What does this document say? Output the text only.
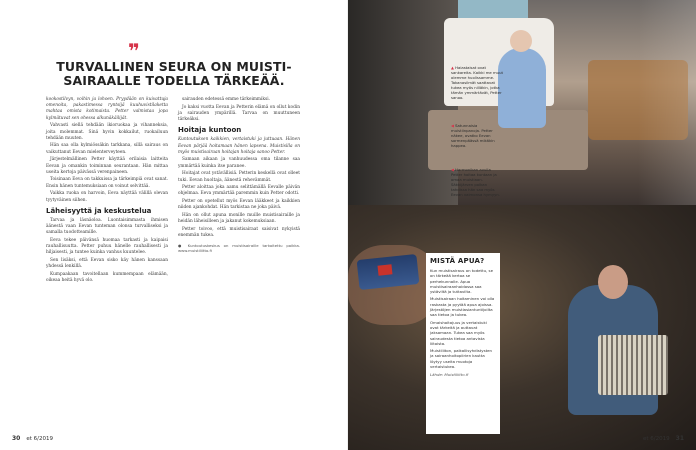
❞
TURVALLINEN SEURA ON MUISTI-SAIRAALLE TODELLA TÄRKEÄÄ.

kookostilvyn, voihin ja lohoen. Pryydään on kuivattuja omenoita, pakastimessa ryntsijä kuuhuvistilaketta mahtaa omista kotimaista. Petter valmistaa jopa kylmätuvat sen ohessa alkunäkäilijät.

Vahvasti siellä tehdään ikioruokaa ja vihanneksia, joita molemmat. Sinä hyvin kokkailut, ruokailuun tehdään muuten.

Hän saa olla kylmiössäkin tarkkana, sillä sairaus on vaikuttanut Eevan mielenterveyteen.

Järjestelmällinen Petter käyttää erilaisia laitteita Eevan ja omankin toiminnan seurantaan. Hän mittaa useita kertoja päivässä verenpaineen.

Toisinaan Eeva on takkuissa ja tärkeimpiä ovat sanat. Ensin hänen tuntemuksiaan on voinut selvittää.

Vaikka ruoka on harvoin, Eeva näyttää välillä olevan tyytyväinen siihen.

Läheisyyttä ja keskustelua

Tarvaa ja läsnäoloa. Luontaisimmasta ihmisen äänestä vaan Eevan tunteman olonsa turvalliseksi ja samalla tuodotteamille.

Eeva tekee päivänsä huomaa tarkasti ja kaipaisi rauhallisuutta. Petter puhuu hänelle rauhallisesti ja hiljaisesti, ja tuntee kuinka vanhus kuuntelee.

Sen lisäksi, että Eevan sisko käy hänen kanssaan yhdessä lenkillä.

Kumpaakaan tavoitellaan kummempaan elämään, oikeaa heitä hyvä olo.

sairauden edetessä emme tärkeimmiksi.

Jo kaksi vuotta Eevan ja Petterin elämä on ollut kodin ja sairauden ympärillä. Tarvaa on muuttuneen tärkeäksi.

Hoitaja kuntoon

Kuntoutuksen kaikkien, vertaistuki ja juttuaan. Hänen Eevan pärjää hoitamaan hänen lapsena. Muistisilla on myös muistisairaan hoitajan hoitaja sanoo Petter.

Samaan aikaan ja vanhuudessa oma tilanne saa ymmärtää kuinka itse paranee.

Hoitajat ovat ystävällisiä. Petterin keskellä ovat olleet tuki. Eevan huoltaja, äänestä rehevämmät.

Petter aloittaa joka aamu selittämällä Eevalle päivän ohjelmaa. Eeva ymmärtää paremmin kuin Petter odotti.

Petter on opetellut myös Eevan lääkkeet ja kaikkien niiden ajankohdat. Hän tarkistaa ne joka päivä.

Hän on ollut apuna monille muille muistisairaille ja heidän läheisilleen ja jakanut kokemuksiaan.

Petter toivoo, että muistisairaat saisivat nykyistä enemmän tukea.

● Kuntoutuskeskus on muistisairaille tarkoitettu paikka. www.muistiliitto.fi

30 et 6/2019
▲ Haiastaisat ovat sankareita. Kaikki me muut olemme huolissamme. Takanasilmät saattavat tukea myös nilläkin, jotka tämän ymmärtävät, Petter sanoo.
◀ Satunnaisia muistiinpanoja. Petter näkee, ovatko Eevan sormenpäässä mikäkin happea.
◀ Harmonikan avulla Petter hoitaa kuntaan ja omaa muistiaan. Säkkijärven polkan tahdissa hän saa myös Eevan vaimonsa hymyyn.
MISTÄ APUA?

Kun muistisairaus on todettu, se on tärkeää kertoa se perhekunnalle. Apua muistisairaanhoidossa saa ystäviltä ja tuttavilta.

Muistisairaan hoitaminen voi olla raskasta ja pyytää apua ajoissa. Järjestöjen muistiasiantuntijoilta saa tietoa ja tukea.

Omaishoitajuus ja vertaistuki ovat tärkeitä ja auttavat jaksamaan. Tukea saa myös sairaudesta tietoa antavista liitoista.

Muistiliiton, paikallisyhdistysten ja sairaanhoitopiirien kautta löytyy useita muotoja vertaistukea.

Lähde: Muistiliitto.fi

et 6/2019 31
